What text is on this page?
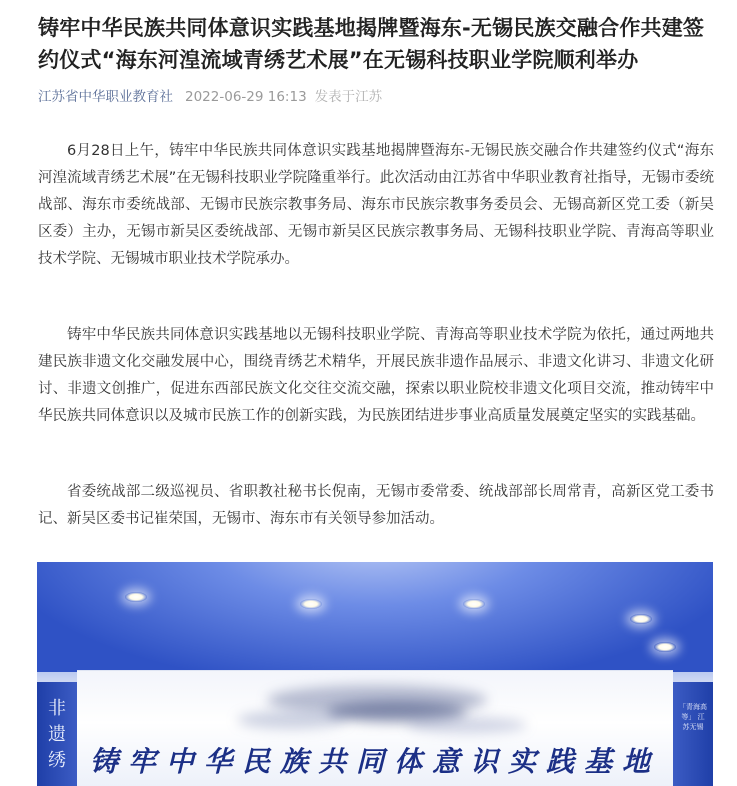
铸牢中华民族共同体意识实践基地揭牌暨海东-无锡民族交融合作共建签约仪式“海东河湟流域青绣艺术展”在无锡科技职业学院顺利举办
江苏省中华职业教育社 2022-06-29 16:13 发表于江苏

6月28日上午，铸牢中华民族共同体意识实践基地揭牌暨海东-无锡民族交融合作共建签约仪式“海东河湟流域青绣艺术展”在无锡科技职业学院隆重举行。此次活动由江苏省中华职业教育社指导，无锡市委统战部、海东市委统战部、无锡市民族宗教事务局、海东市民族宗教事务委员会、无锡高新区党工委（新吴区委）主办，无锡市新吴区委统战部、无锡市新吴区民族宗教事务局、无锡科技职业学院、青海高等职业技术学院、无锡城市职业技术学院承办。

铸牢中华民族共同体意识实践基地以无锡科技职业学院、青海高等职业技术学院为依托，通过两地共建民族非遗文化交融发展中心，围绕青绣艺术精华，开展民族非遗作品展示、非遗文化讲习、非遗文化研讨、非遗文创推广，促进东西部民族文化交往交流交融，探索以职业院校非遗文化项目交流，推动铸牢中华民族共同体意识以及城市民族工作的创新实践，为民族团结进步事业高质量发展奠定坚实的实践基础。

省委统战部二级巡视员、省职教社秘书长倪南，无锡市委常委、统战部部长周常青，高新区党工委书记、新吴区委书记崔荣国，无锡市、海东市有关领导参加活动。

非遗绣
「青海高等」 江苏无锡
铸牢中华民族共同体意识实践基地
